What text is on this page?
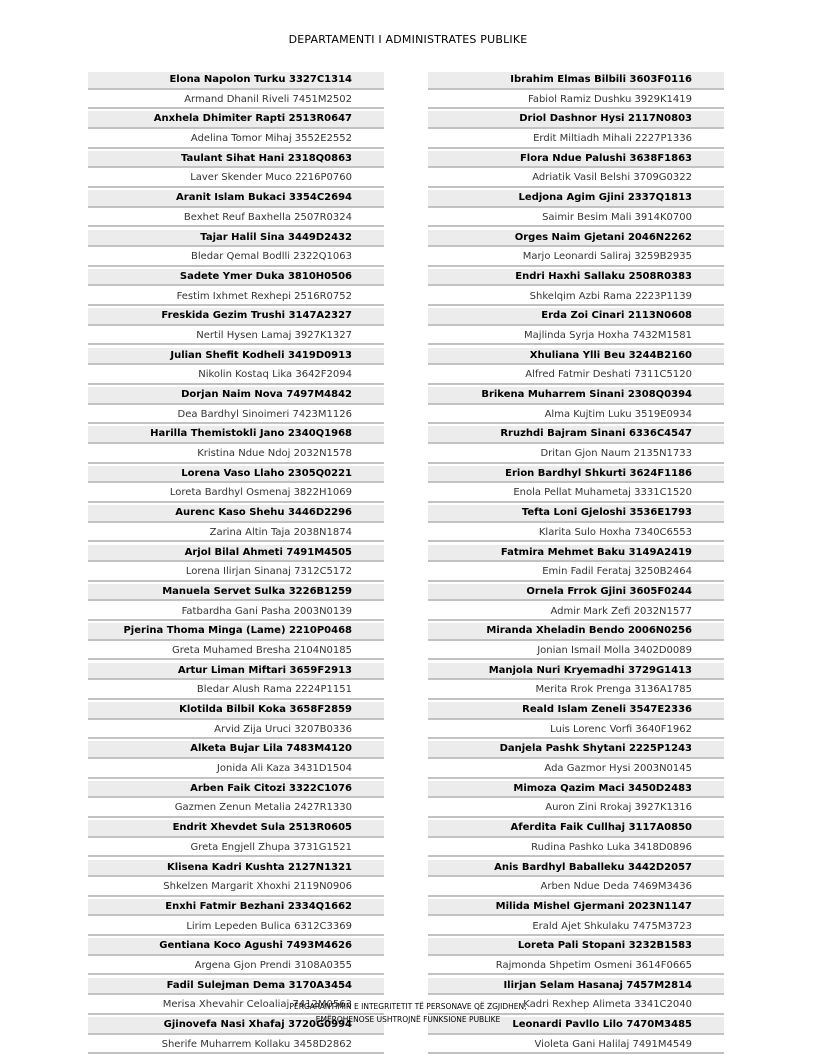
DEPARTAMENTI I ADMINISTRATES PUBLIKE
Elona Napolon Turku 3327C1314
Armand Dhanil Riveli 7451M2502
Anxhela Dhimiter Rapti 2513R0647
Adelina Tomor Mihaj 3552E2552
Taulant Sihat Hani 2318Q0863
Laver Skender Muco 2216P0760
Aranit Islam Bukaci 3354C2694
Bexhet Reuf Baxhella 2507R0324
Tajar Halil Sina 3449D2432
Bledar Qemal Bodlli 2322Q1063
Sadete Ymer Duka 3810H0506
Festim Ixhmet Rexhepi 2516R0752
Freskida Gezim Trushi 3147A2327
Nertil Hysen Lamaj 3927K1327
Julian Shefit Kodheli 3419D0913
Nikolin Kostaq Lika 3642F2094
Dorjan Naim Nova 7497M4842
Dea Bardhyl Sinoimeri 7423M1126
Harilla Themistokli Jano 2340Q1968
Kristina Ndue Ndoj 2032N1578
Lorena Vaso Llaho 2305Q0221
Loreta Bardhyl Osmenaj 3822H1069
Aurenc Kaso Shehu 3446D2296
Zarina Altin Taja 2038N1874
Arjol Bilal Ahmeti 7491M4505
Lorena Ilirjan Sinanaj 7312C5172
Manuela Servet Sulka 3226B1259
Fatbardha Gani Pasha 2003N0139
Pjerina Thoma Minga (Lame) 2210P0468
Greta Muhamed Bresha 2104N0185
Artur Liman Miftari 3659F2913
Bledar Alush Rama 2224P1151
Klotilda Bilbil Koka 3658F2859
Arvid Zija Uruci 3207B0336
Alketa Bujar Lila 7483M4120
Jonida Ali Kaza 3431D1504
Arben Faik Citozi 3322C1076
Gazmen Zenun Metalia 2427R1330
Endrit Xhevdet Sula 2513R0605
Greta Engjell Zhupa 3731G1521
Klisena Kadri Kushta 2127N1321
Shkelzen Margarit Xhoxhi 2119N0906
Enxhi Fatmir Bezhani 2334Q1662
Lirim Lepeden Bulica 6312C3369
Gentiana Koco Agushi 7493M4626
Argena Gjon Prendi 3108A0355
Fadil Sulejman Dema 3170A3454
Merisa Xhevahir Celoaliaj 7412M0563
Gjinovefa Nasi Xhafaj 3720G0994
Sherife Muharrem Kollaku 3458D2862
Ibrahim Elmas Bilbili 3603F0116
Fabiol Ramiz Dushku 3929K1419
Driol Dashnor Hysi 2117N0803
Erdit Miltiadh Mihali 2227P1336
Flora Ndue Palushi 3638F1863
Adriatik Vasil Belshi 3709G0322
Ledjona Agim Gjini 2337Q1813
Saimir Besim Mali 3914K0700
Orges Naim Gjetani 2046N2262
Marjo Leonardi Saliraj 3259B2935
Endri Haxhi Sallaku 2508R0383
Shkelqim Azbi Rama 2223P1139
Erda Zoi Cinari 2113N0608
Majlinda Syrja Hoxha 7432M1581
Xhuliana Ylli Beu 3244B2160
Alfred Fatmir Deshati 7311C5120
Brikena Muharrem Sinani 2308Q0394
Alma Kujtim Luku 3519E0934
Rruzhdi Bajram Sinani 6336C4547
Dritan Gjon Naum 2135N1733
Erion Bardhyl Shkurti 3624F1186
Enola Pellat Muhametaj 3331C1520
Tefta Loni Gjeloshi 3536E1793
Klarita Sulo Hoxha 7340C6553
Fatmira Mehmet Baku 3149A2419
Emin Fadil Ferataj 3250B2464
Ornela Frrok Gjini 3605F0244
Admir Mark Zefi 2032N1577
Miranda Xheladin Bendo 2006N0256
Jonian Ismail Molla 3402D0089
Manjola Nuri Kryemadhi 3729G1413
Merita Rrok Prenga 3136A1785
Reald Islam Zeneli 3547E2336
Luis Lorenc Vorfi 3640F1962
Danjela Pashk Shytani 2225P1243
Ada Gazmor Hysi 2003N0145
Mimoza Qazim Maci 3450D2483
Auron Zini Rrokaj 3927K1316
Aferdita Faik Cullhaj 3117A0850
Rudina Pashko Luka 3418D0896
Anis Bardhyl Baballeku 3442D2057
Arben Ndue Deda 7469M3436
Milida Mishel Gjermani 2023N1147
Erald Ajet Shkulaku 7475M3723
Loreta Pali Stopani 3232B1583
Rajmonda Shpetim Osmeni 3614F0665
Ilirjan Selam Hasanaj 7457M2814
Kadri Rexhep Alimeta 3341C2040
Leonardi Pavllo Lilo 7470M3485
Violeta Gani Halilaj 7491M4549
PËRGARANTIMIN E INTEGRITETIT TË PERSONAVE QË ZGJIDHEN,
EMËROHENOSE USHTROJNË FUNKSIONE PUBLIKE
